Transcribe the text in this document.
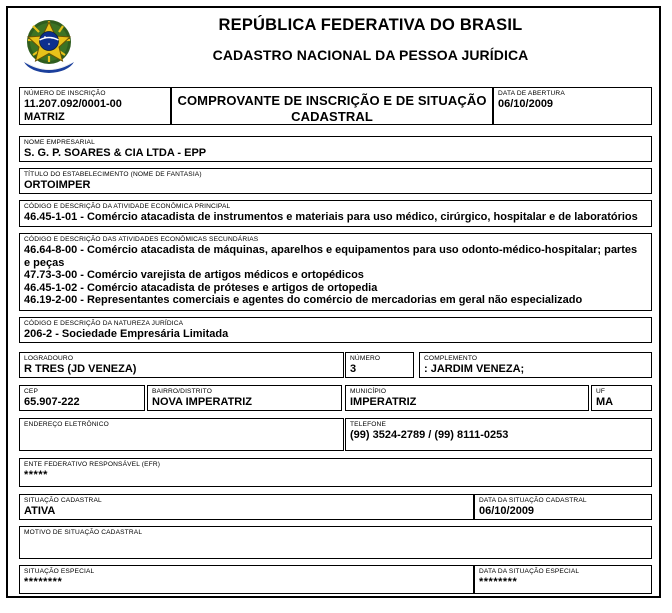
REPÚBLICA FEDERATIVA DO BRASIL
CADASTRO NACIONAL DA PESSOA JURÍDICA
NÚMERO DE INSCRIÇÃO
11.207.092/0001-00
MATRIZ
COMPROVANTE DE INSCRIÇÃO E DE SITUAÇÃO CADASTRAL
DATA DE ABERTURA
06/10/2009
NOME EMPRESARIAL
S. G. P. SOARES & CIA LTDA - EPP
TÍTULO DO ESTABELECIMENTO (NOME DE FANTASIA)
ORTOIMPER
CÓDIGO E DESCRIÇÃO DA ATIVIDADE ECONÔMICA PRINCIPAL
46.45-1-01 - Comércio atacadista de instrumentos e materiais para uso médico, cirúrgico, hospitalar e de laboratórios
CÓDIGO E DESCRIÇÃO DAS ATIVIDADES ECONÔMICAS SECUNDÁRIAS
46.64-8-00 - Comércio atacadista de máquinas, aparelhos e equipamentos para uso odonto-médico-hospitalar; partes e peças
47.73-3-00 - Comércio varejista de artigos médicos e ortopédicos
46.45-1-02 - Comércio atacadista de próteses e artigos de ortopedia
46.19-2-00 - Representantes comerciais e agentes do comércio de mercadorias em geral não especializado
CÓDIGO E DESCRIÇÃO DA NATUREZA JURÍDICA
206-2 - Sociedade Empresária Limitada
LOGRADOURO
R TRES (JD VENEZA)
NÚMERO
3
COMPLEMENTO
: JARDIM VENEZA;
CEP
65.907-222
BAIRRO/DISTRITO
NOVA IMPERATRIZ
MUNICÍPIO
IMPERATRIZ
UF
MA
ENDEREÇO ELETRÔNICO	TELEFONE
(99) 3524-2789 / (99) 8111-0253
ENTE FEDERATIVO RESPONSÁVEL (EFR)
*****
SITUAÇÃO CADASTRAL
ATIVA
DATA DA SITUAÇÃO CADASTRAL
06/10/2009
MOTIVO DE SITUAÇÃO CADASTRAL
SITUAÇÃO ESPECIAL
********
DATA DA SITUAÇÃO ESPECIAL
********
